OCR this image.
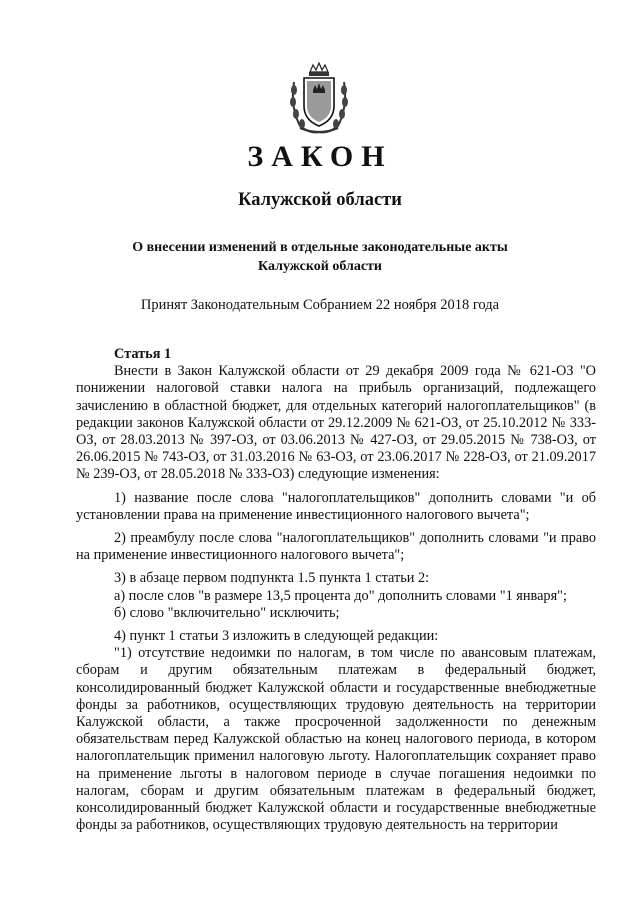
ЗАКОН
Калужской области
О внесении изменений в отдельные законодательные акты
Калужской области

Принят Законодательным Собранием 22 ноября 2018 года

Статья 1

Внести в Закон Калужской области от 29 декабря 2009 года № 621-ОЗ "О понижении налоговой ставки налога на прибыль организаций, подлежащего зачислению в областной бюджет, для отдельных категорий налогоплательщиков" (в редакции законов Калужской области от 29.12.2009 № 621-ОЗ, от 25.10.2012 № 333-ОЗ, от 28.03.2013 № 397-ОЗ, от 03.06.2013 № 427-ОЗ, от 29.05.2015 № 738-ОЗ, от 26.06.2015 № 743-ОЗ, от 31.03.2016 № 63-ОЗ, от 23.06.2017 № 228-ОЗ, от 21.09.2017 № 239-ОЗ, от 28.05.2018 № 333-ОЗ) следующие изменения:

1) название после слова "налогоплательщиков" дополнить словами "и об установлении права на применение инвестиционного налогового вычета";

2) преамбулу после слова "налогоплательщиков" дополнить словами "и право на применение инвестиционного налогового вычета";

3) в абзаце первом подпункта 1.5 пункта 1 статьи 2:

а) после слов "в размере 13,5 процента до" дополнить словами "1 января";

б) слово "включительно" исключить;

4) пункт 1 статьи 3 изложить в следующей редакции:

"1) отсутствие недоимки по налогам, в том числе по авансовым платежам, сборам и другим обязательным платежам в федеральный бюджет, консолидированный бюджет Калужской области и государственные внебюджетные фонды за работников, осуществляющих трудовую деятельность на территории Калужской области, а также просроченной задолженности по денежным обязательствам перед Калужской областью на конец налогового периода, в котором налогоплательщик применил налоговую льготу. Налогоплательщик сохраняет право на применение льготы в налоговом периоде в случае погашения недоимки по налогам, сборам и другим обязательным платежам в федеральный бюджет, консолидированный бюджет Калужской области и государственные внебюджетные фонды за работников, осуществляющих трудовую деятельность на территории
